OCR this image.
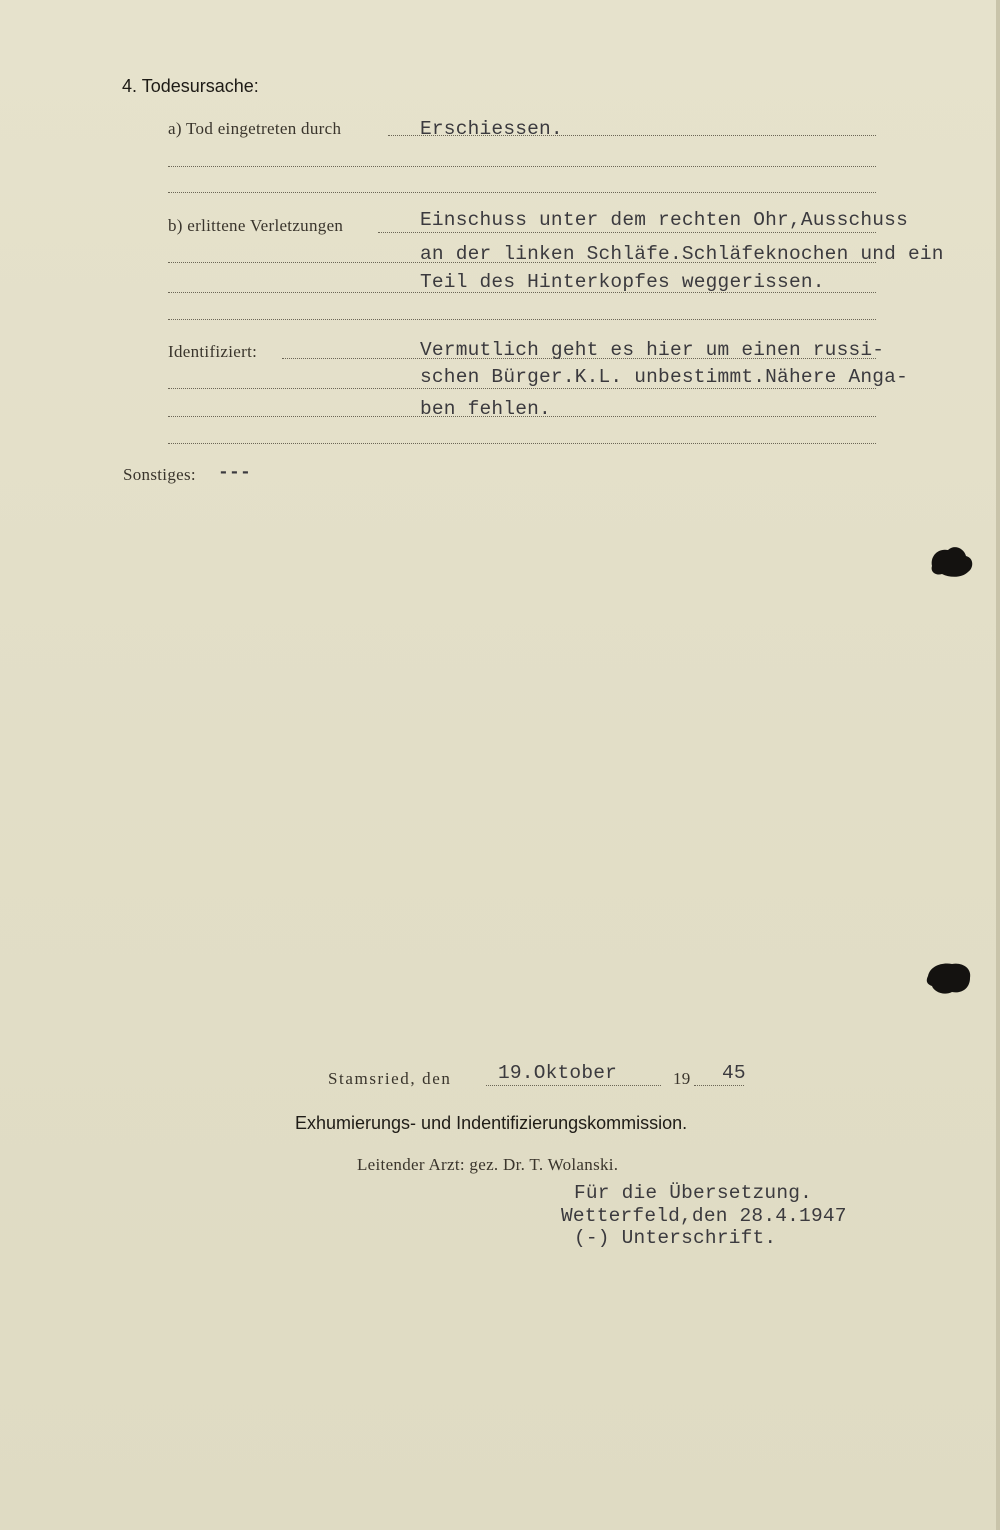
4. Todesursache:
a) Tod eingetreten durch	Erschiessen.
b) erlittene Verletzungen	Einschuss unter dem rechten Ohr,Ausschuss
an der linken Schläfe.Schläfeknochen und ein
Teil des Hinterkopfes weggerissen.
Identifiziert:	Vermutlich geht es hier um einen russi-
schen Bürger.K.L. unbestimmt.Nähere Anga-
ben fehlen.
Sonstiges: ---
Stamsried, den 19.Oktober	19 45
Exhumierungs- und Indentifizierungskommission.
Leitender Arzt: gez. Dr. T. Wolanski.
Für die Übersetzung.
Wetterfeld,den 28.4.1947
(-) Unterschrift.
